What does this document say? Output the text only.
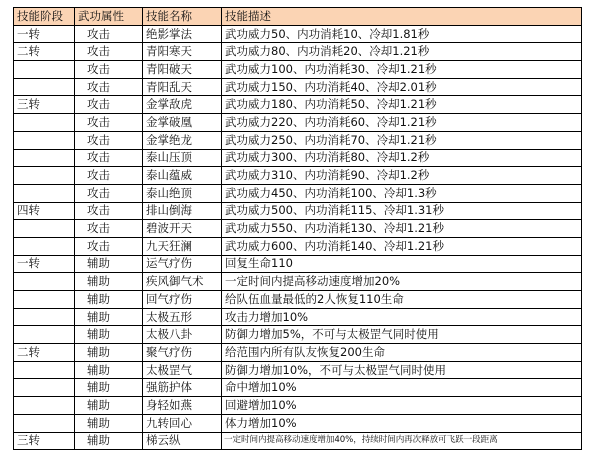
技能阶段	武功属性	技能名称	技能描述
一转	攻击	绝影掌法	武功威力50、内功消耗10、冷却1.81秒
二转	攻击	青阳寒天	武功威力80、内功消耗20、冷却1.21秒
	攻击	青阳破天	武功威力100、内功消耗30、冷却1.21秒
	攻击	青阳乱天	武功威力150、内功消耗40、冷却2.01秒
三转	攻击	金掌敌虎	武功威力180、内功消耗50、冷却1.21秒
	攻击	金掌破凰	武功威力220、内功消耗60、冷却1.21秒
	攻击	金掌绝龙	武功威力250、内功消耗70、冷却1.21秒
	攻击	泰山压顶	武功威力300、内功消耗80、冷却1.2秒
	攻击	泰山蕴威	武功威力310、内功消耗90、冷却1.2秒
	攻击	泰山绝顶	武功威力450、内功消耗100、冷却1.3秒
四转	攻击	排山倒海	武功威力500、内功消耗115、冷却1.31秒
	攻击	碧波开天	武功威力550、内功消耗130、冷却1.21秒
	攻击	九天狂澜	武功威力600、内功消耗140、冷却1.21秒
一转	辅助	运气疗伤	回复生命110
	辅助	疾风御气术	一定时间内提高移动速度增加20%
	辅助	回气疗伤	给队伍血量最低的2人恢复110生命
	辅助	太极五形	攻击力增加10%
	辅助	太极八卦	防御力增加5%，不可与太极罡气同时使用
二转	辅助	聚气疗伤	给范围内所有队友恢复200生命
	辅助	太极罡气	防御力增加10%，不可与太极罡气同时使用
	辅助	强筋护体	命中增加10%
	辅助	身轻如燕	回避增加10%
	辅助	九转回心	体力增加10%
三转	辅助	梯云纵	一定时间内提高移动速度增加40%，持续时间内再次释放可飞跃一段距离
